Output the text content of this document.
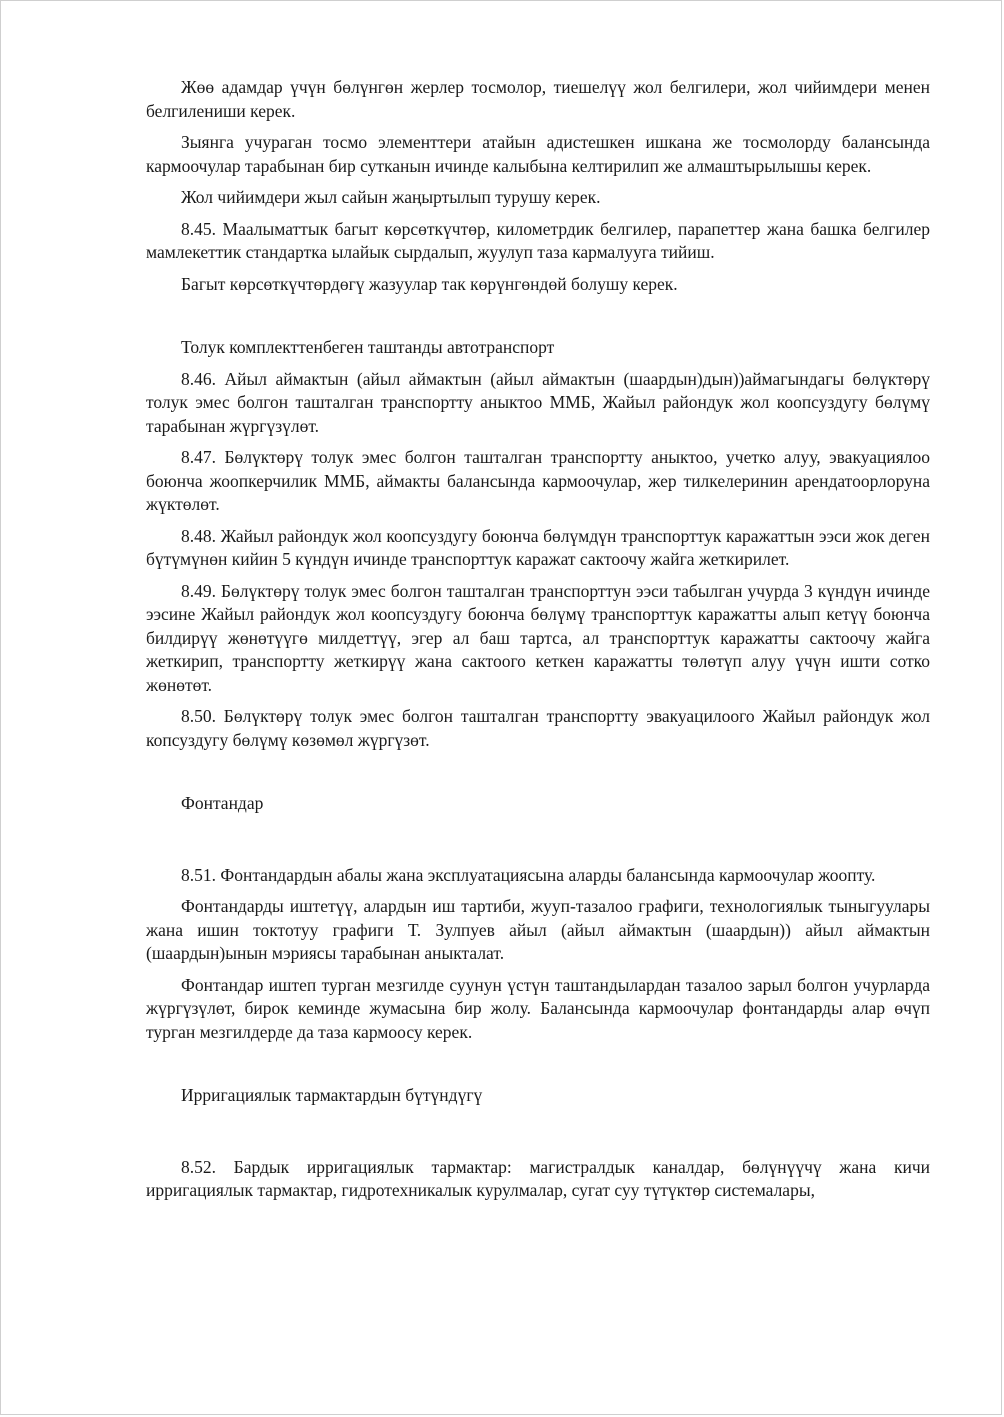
Жөө адамдар үчүн бөлүнгөн жерлер тосмолор, тиешелүү жол белгилери, жол чийимдери менен белгилениши керек.

Зыянга учураган тосмо элементтери атайын адистешкен ишкана же тосмолорду балансында кармоочулар тарабынан бир сутканын ичинде калыбына келтирилип же алмаштырылышы керек.

Жол чийимдери жыл сайын жаңыртылып турушу керек.

8.45. Маалыматтык багыт көрсөткүчтөр, километрдик белгилер, парапеттер жана башка белгилер мамлекеттик стандартка ылайык сырдалып, жуулуп таза кармалууга тийиш.

Багыт көрсөткүчтөрдөгү жазуулар так көрүнгөндөй болушу керек.

Толук комплекттенбеген таштанды автотранспорт

8.46. Айыл аймактын (айыл аймактын (айыл аймактын (шаардын)дын))аймагындагы бөлүктөрү толук эмес болгон ташталган транспортту аныктоо ММБ, Жайыл райондук жол коопсуздугу бөлүмү тарабынан жүргүзүлөт.

8.47. Бөлүктөрү толук эмес болгон ташталган транспортту аныктоо, учетко алуу, эвакуациялоо боюнча жоопкерчилик ММБ, аймакты балансында кармоочулар, жер тилкелеринин арендатоорлоруна жүктөлөт.

8.48. Жайыл райондук жол коопсуздугу боюнча бөлүмдүн транспорттук каражаттын ээси жок деген бүтүмүнөн кийин 5 күндүн ичинде транспорттук каражат сактоочу жайга жеткирилет.

8.49. Бөлүктөрү толук эмес болгон ташталган транспорттун ээси табылган учурда 3 күндүн ичинде ээсине Жайыл райондук жол коопсуздугу боюнча бөлүмү транспорттук каражатты алып кетүү боюнча билдирүү жөнөтүүгө милдеттүү, эгер ал баш тартса, ал транспорттук каражатты сактоочу жайга жеткирип, транспортту жеткирүү жана сактоого кеткен каражатты төлөтүп алуу үчүн ишти сотко жөнөтөт.

8.50. Бөлүктөрү толук эмес болгон ташталган транспортту эвакуацилоого Жайыл райондук жол копсуздугу бөлүмү көзөмөл жүргүзөт.

Фонтандар

8.51. Фонтандардын абалы жана эксплуатациясына аларды балансында кармоочулар жоопту.

Фонтандарды иштетүү, алардын иш тартиби, жууп-тазалоо графиги, технологиялык тыныгуулары жана ишин токтотуу графиги Т. Зулпуев айыл (айыл аймактын (шаардын)) айыл аймактын (шаардын)ынын мэриясы тарабынан аныкталат.

Фонтандар иштеп турган мезгилде суунун үстүн таштандылардан тазалоо зарыл болгон учурларда жүргүзүлөт, бирок кеминде жумасына бир жолу. Балансында кармоочулар фонтандарды алар өчүп турган мезгилдерде да таза кармоосу керек.

Ирригациялык тармактардын бүтүндүгү

8.52. Бардык ирригациялык тармактар: магистралдык каналдар, бөлүнүүчү жана кичи ирригациялык тармактар, гидротехникалык курулмалар, сугат суу түтүктөр системалары,
